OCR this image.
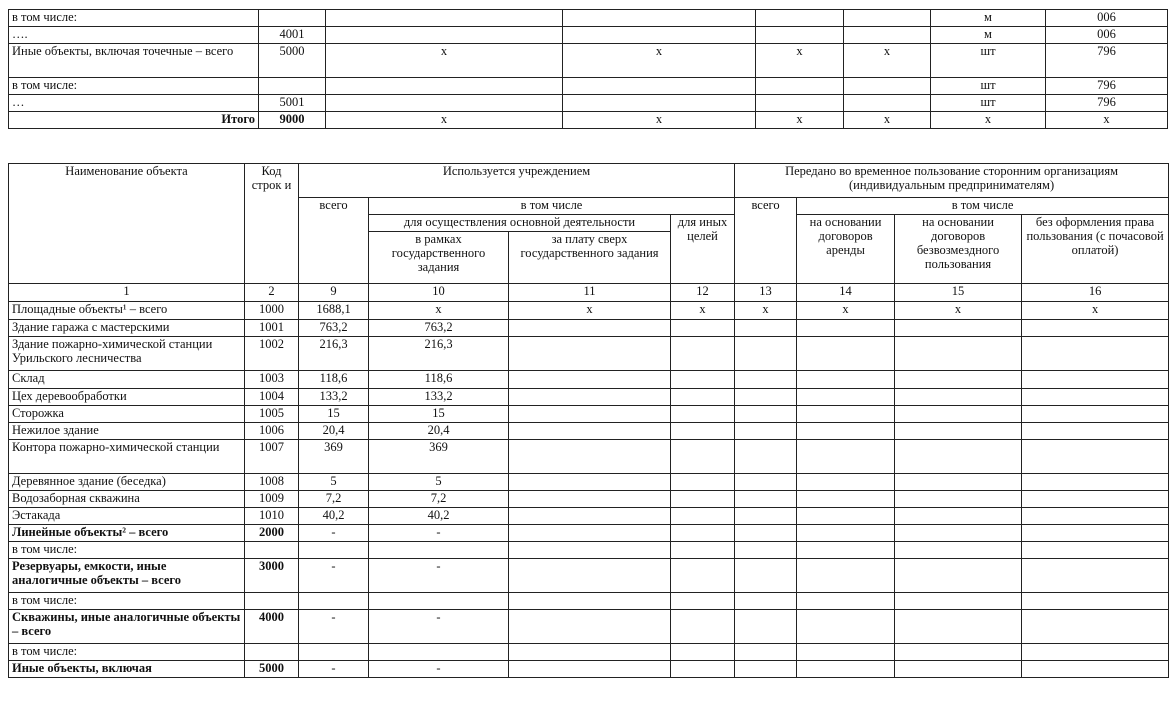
в том числе:						м	006
….	4001					м	006
Иные объекты, включая точечные – всего	5000	х	х	х	х	шт	796
в том числе:						шт	796
…	5001					шт	796
Итого	9000	х	х	х	х	х	х
Наименование объекта	Код строк и	Используется учреждением				Передано во временное пользование сторонним организациям (индивидуальным предпринимателям)			
		всего	в том числе			всего	в том числе		
			для осуществления основной деятельности		для иных целей		на основании договоров аренды	на основании договоров безвозмездного пользования	без оформления права пользования (с почасовой оплатой)
			в рамках государственного задания	за плату сверх государственного задания					
1	2	9	10	11	12	13	14	15	16
Площадные объекты¹ – всего	1000	1688,1	х	х	х	х	х	х	х
Здание гаража с мастерскими	1001	763,2	763,2						
Здание пожарно-химической станции Урильского лесничества	1002	216,3	216,3						
Склад	1003	118,6	118,6						
Цех деревообработки	1004	133,2	133,2						
Сторожка	1005	15	15						
Нежилое здание	1006	20,4	20,4						
Контора пожарно-химической станции	1007	369	369						
Деревянное здание (беседка)	1008	5	5						
Водозаборная скважина	1009	7,2	7,2						
Эстакада	1010	40,2	40,2						
Линейные объекты² – всего	2000	-	-						
в том числе:									
Резервуары, емкости, иные аналогичные объекты – всего	3000	-	-						
в том числе:									
Скважины, иные аналогичные объекты – всего	4000	-	-						
в том числе:									
Иные объекты, включая	5000	-	-						
